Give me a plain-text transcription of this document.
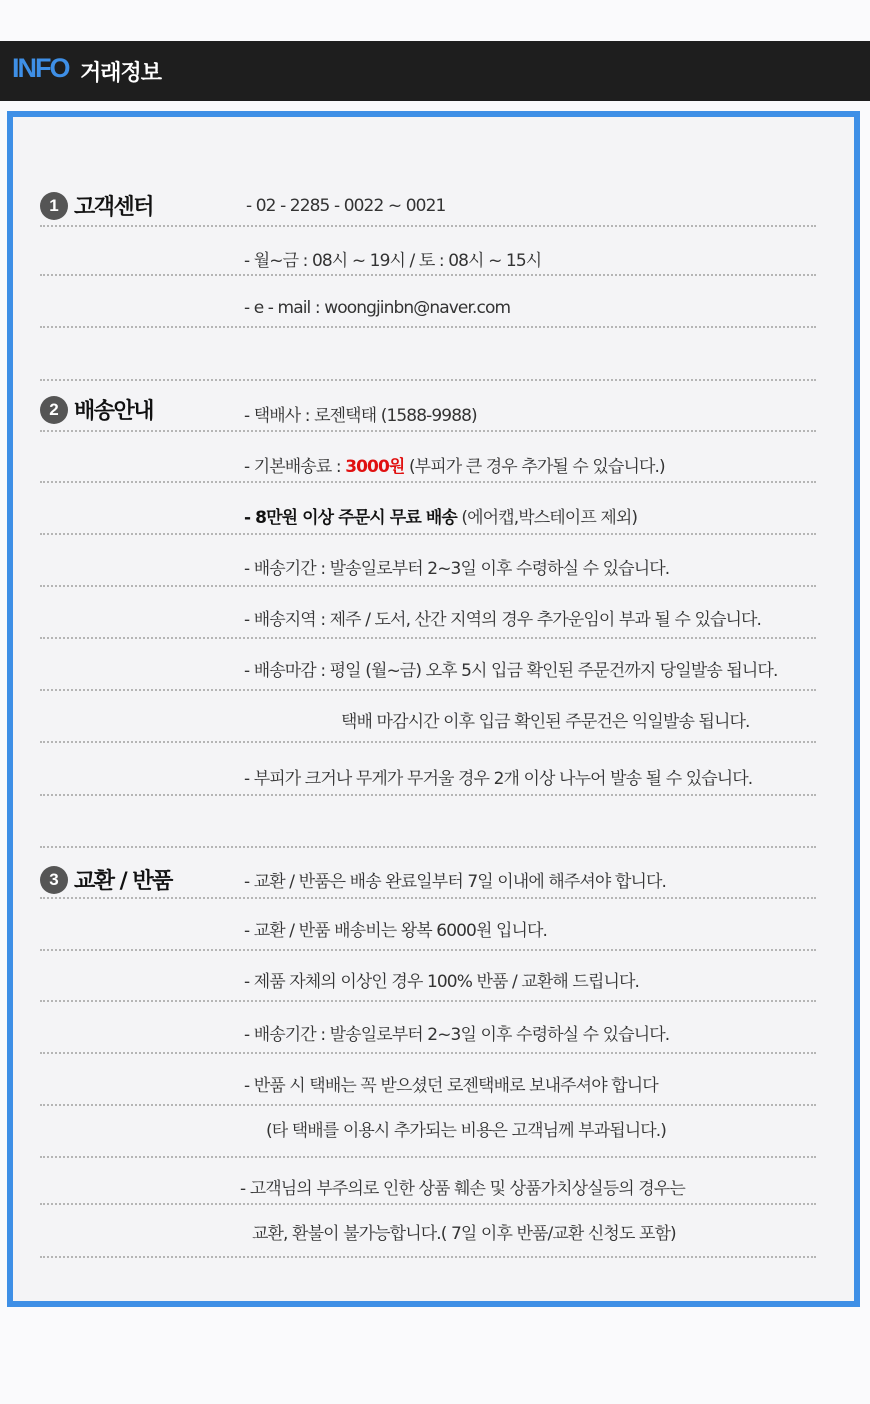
INFO 거래정보
1 고객센터	- 02 - 2285 - 0022 ~ 0021
- 월~금 : 08시 ~ 19시 / 토 : 08시 ~ 15시
- e - mail : woongjinbn@naver.com
2 배송안내	- 택배사 : 로젠택태 (1588-9988)
- 기본배송료 : 3000원 (부피가 큰 경우 추가될 수 있습니다.)
- 8만원 이상 주문시 무료 배송 (에어캡,박스테이프 제외)
- 배송기간 : 발송일로부터 2~3일 이후 수령하실 수 있습니다.
- 배송지역 : 제주 / 도서, 산간 지역의 경우 추가운임이 부과 될 수 있습니다.
- 배송마감 : 평일 (월~금) 오후 5시 입금 확인된 주문건까지 당일발송 됩니다.
택배 마감시간 이후 입금 확인된 주문건은 익일발송 됩니다.
- 부피가 크거나 무게가 무거울 경우 2개 이상 나누어 발송 될 수 있습니다.
3 교환 / 반품	- 교환 / 반품은 배송 완료일부터 7일 이내에 해주셔야 합니다.
- 교환 / 반품 배송비는 왕복 6000원 입니다.
- 제품 자체의 이상인 경우 100% 반품 / 교환해 드립니다.
- 배송기간 : 발송일로부터 2~3일 이후 수령하실 수 있습니다.
- 반품 시 택배는 꼭 받으셨던 로젠택배로 보내주셔야 합니다
(타 택배를 이용시 추가되는 비용은 고객님께 부과됩니다.)
- 고객님의 부주의로 인한 상품 훼손 및 상품가치상실등의 경우는
교환, 환불이 불가능합니다.( 7일 이후 반품/교환 신청도 포함)
